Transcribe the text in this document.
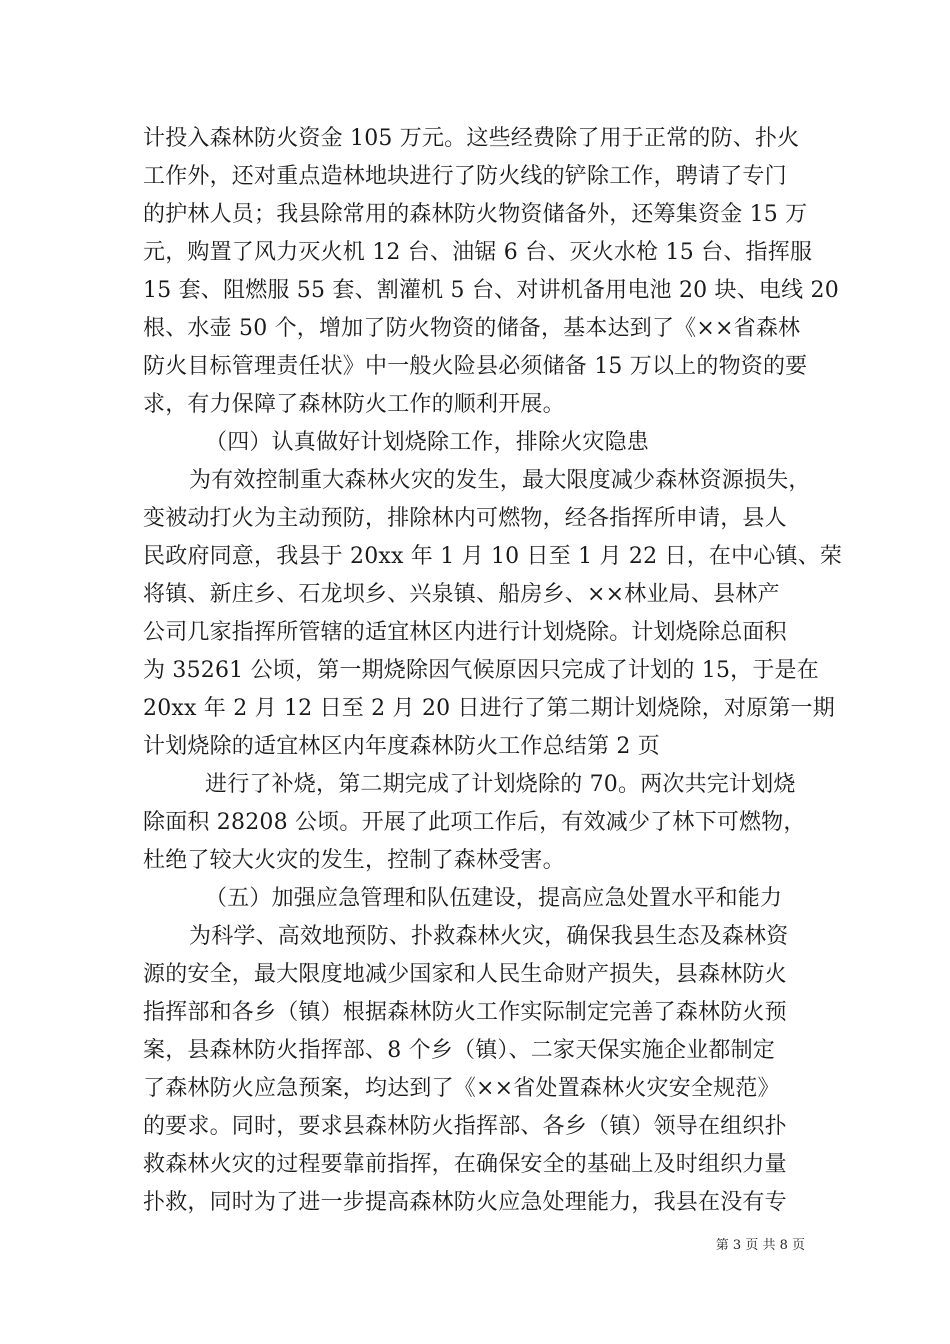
计投入森林防火资金 105 万元。这些经费除了用于正常的防、扑火
工作外，还对重点造林地块进行了防火线的铲除工作，聘请了专门
的护林人员；我县除常用的森林防火物资储备外，还筹集资金 15 万
元，购置了风力灭火机 12 台、油锯 6 台、灭火水枪 15 台、指挥服
15 套、阻燃服 55 套、割灌机 5 台、对讲机备用电池 20 块、电线 20
根、水壶 50 个，增加了防火物资的储备，基本达到了《××省森林
防火目标管理责任状》中一般火险县必须储备 15 万以上的物资的要
求，有力保障了森林防火工作的顺利开展。
（四）认真做好计划烧除工作，排除火灾隐患
为有效控制重大森林火灾的发生，最大限度减少森林资源损失，
变被动打火为主动预防，排除林内可燃物，经各指挥所申请，县人
民政府同意，我县于 20xx 年 1 月 10 日至 1 月 22 日，在中心镇、荣
将镇、新庄乡、石龙坝乡、兴泉镇、船房乡、××林业局、县林产
公司几家指挥所管辖的适宜林区内进行计划烧除。计划烧除总面积
为 35261 公顷，第一期烧除因气候原因只完成了计划的 15，于是在
20xx 年 2 月 12 日至 2 月 20 日进行了第二期计划烧除，对原第一期
计划烧除的适宜林区内年度森林防火工作总结第 2 页
进行了补烧，第二期完成了计划烧除的 70。两次共完计划烧
除面积 28208 公顷。开展了此项工作后，有效减少了林下可燃物，
杜绝了较大火灾的发生，控制了森林受害。
（五）加强应急管理和队伍建设，提高应急处置水平和能力
为科学、高效地预防、扑救森林火灾，确保我县生态及森林资
源的安全，最大限度地减少国家和人民生命财产损失，县森林防火
指挥部和各乡（镇）根据森林防火工作实际制定完善了森林防火预
案，县森林防火指挥部、8 个乡（镇）、二家天保实施企业都制定
了森林防火应急预案，均达到了《××省处置森林火灾安全规范》
的要求。同时，要求县森林防火指挥部、各乡（镇）领导在组织扑
救森林火灾的过程要靠前指挥，在确保安全的基础上及时组织力量
扑救，同时为了进一步提高森林防火应急处理能力，我县在没有专
第 3 页 共 8 页
